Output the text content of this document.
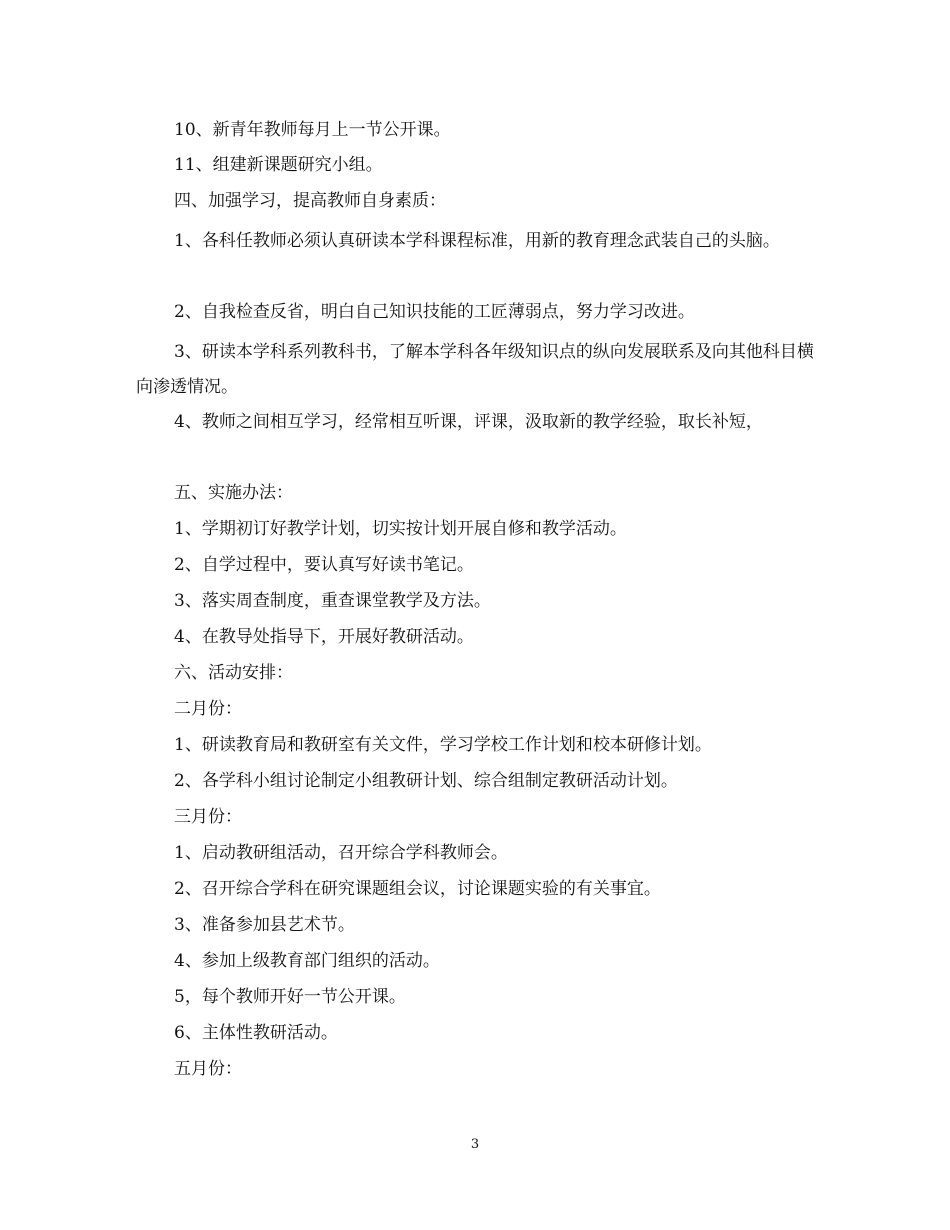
10、新青年教师每月上一节公开课。

11、组建新课题研究小组。

四、加强学习，提高教师自身素质：

1、各科任教师必须认真研读本学科课程标准，用新的教育理念武装自己的头脑。

2、自我检查反省，明白自己知识技能的工匠薄弱点，努力学习改进。

3、研读本学科系列教科书，了解本学科各年级知识点的纵向发展联系及向其他科目横向渗透情况。

4、教师之间相互学习，经常相互听课，评课，汲取新的教学经验，取长补短，

五、实施办法：

1、学期初订好教学计划，切实按计划开展自修和教学活动。

2、自学过程中，要认真写好读书笔记。

3、落实周查制度，重查课堂教学及方法。

4、在教导处指导下，开展好教研活动。

六、活动安排：

二月份：

1、研读教育局和教研室有关文件，学习学校工作计划和校本研修计划。

2、各学科小组讨论制定小组教研计划、综合组制定教研活动计划。

三月份：

1、启动教研组活动，召开综合学科教师会。

2、召开综合学科在研究课题组会议，讨论课题实验的有关事宜。

3、准备参加县艺术节。

4、参加上级教育部门组织的活动。

5，每个教师开好一节公开课。

6、主体性教研活动。

五月份：

3
